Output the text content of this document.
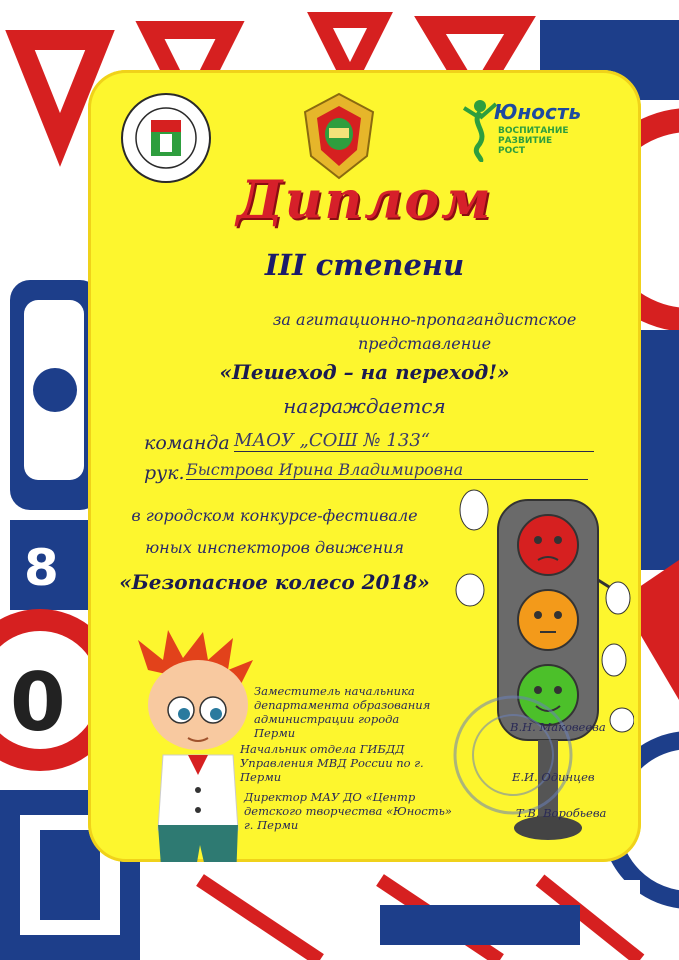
8
0
Юность
ВОСПИТАНИЕ РАЗВИТИЕ РОСТ
Диплом
III степени
за агитационно-пропагандистское
представление
«Пешеход – на переход!»
награждается
команда МАОУ „СОШ № 133“
рук. Быстрова Ирина Владимировна
в городском конкурсе-фестивале
юных инспекторов движения
«Безопасное колесо 2018»
Заместитель начальника департамента образования администрации города Перми	В.Н. Маковеева
Начальник отдела ГИБДД Управления МВД России по г. Перми	Е.И. Одинцев
Директор МАУ ДО «Центр детского творчества «Юность» г. Перми
Т.В. Воробьева
